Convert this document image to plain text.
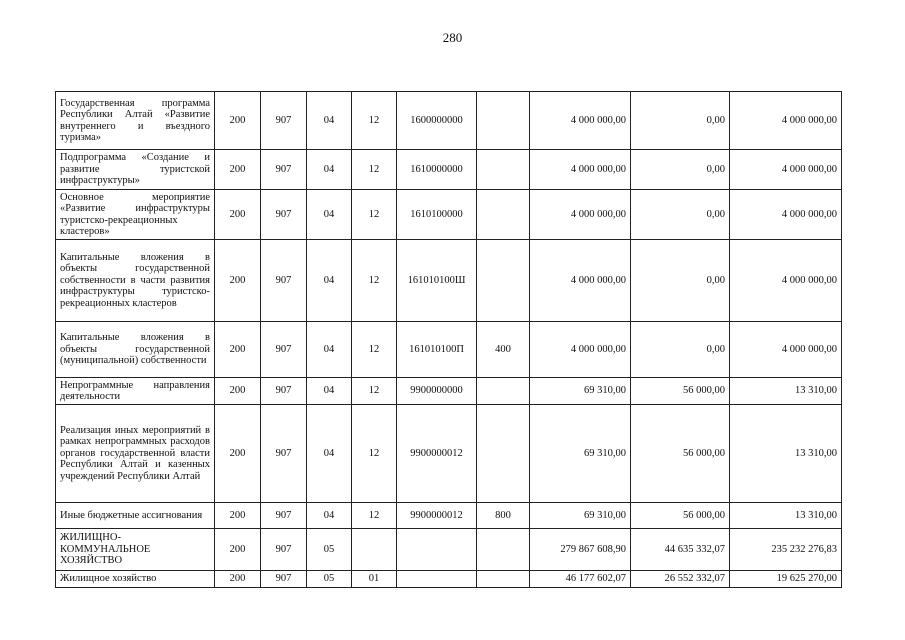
280
Государственная программа Республики Алтай «Развитие внутреннего и въездного туризма»	200	907	04	12	1600000000		4 000 000,00	0,00	4 000 000,00
Подпрограмма «Создание и развитие туристской инфраструктуры»	200	907	04	12	1610000000		4 000 000,00	0,00	4 000 000,00
Основное мероприятие «Развитие инфраструктуры туристско-рекреационных кластеров»	200	907	04	12	1610100000		4 000 000,00	0,00	4 000 000,00
Капитальные вложения в объекты государственной собственности в части развития инфраструктуры туристско-рекреационных кластеров	200	907	04	12	161010100Ш		4 000 000,00	0,00	4 000 000,00
Капитальные вложения в объекты государственной (муниципальной) собственности	200	907	04	12	161010100П	400	4 000 000,00	0,00	4 000 000,00
Непрограммные направления деятельности	200	907	04	12	9900000000		69 310,00	56 000,00	13 310,00
Реализация иных мероприятий в рамках непрограммных расходов органов государственной власти Республики Алтай и казенных учреждений Республики Алтай	200	907	04	12	9900000012		69 310,00	56 000,00	13 310,00
Иные бюджетные ассигнования	200	907	04	12	9900000012	800	69 310,00	56 000,00	13 310,00
ЖИЛИЩНО-КОММУНАЛЬНОЕ ХОЗЯЙСТВО	200	907	05				279 867 608,90	44 635 332,07	235 232 276,83
Жилищное хозяйство	200	907	05	01			46 177 602,07	26 552 332,07	19 625 270,00
